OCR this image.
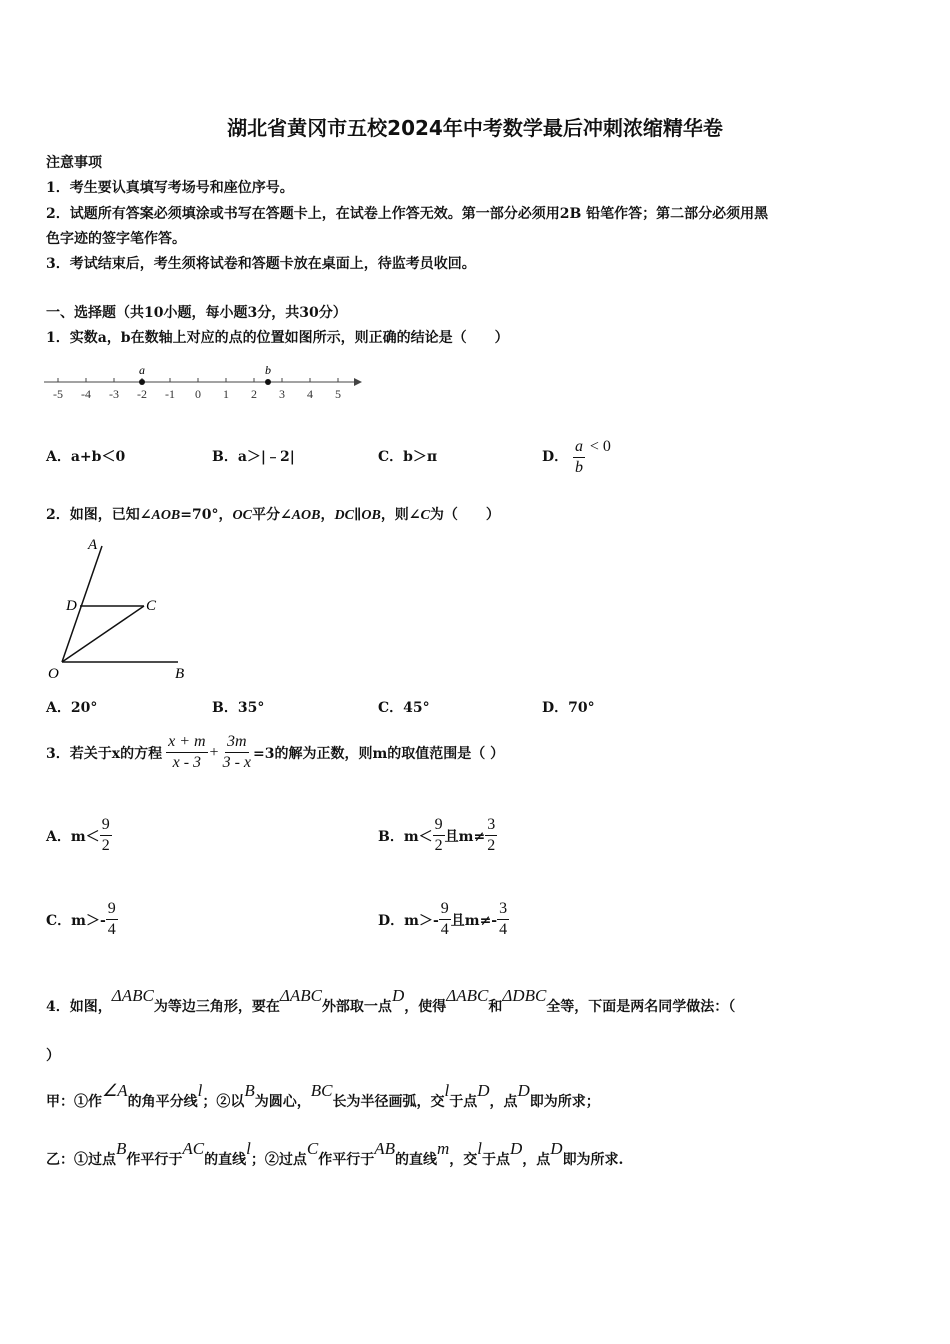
湖北省黄冈市五校2024年中考数学最后冲刺浓缩精华卷
注意事项
1．考生要认真填写考场号和座位序号。
2．试题所有答案必须填涂或书写在答题卡上，在试卷上作答无效。第一部分必须用2B 铅笔作答；第二部分必须用黑
色字迹的签字笔作答。
3．考试结束后，考生须将试卷和答题卡放在桌面上，待监考员收回。
一、选择题（共10小题，每小题3分，共30分）
1．实数a，b在数轴上对应的点的位置如图所示，则正确的结论是（　　）
-5 -4 -3 -2 -1 0 1 2 3 4 5
a	b
A．a+b＜0	B．a＞|﹣2|	C．b＞π	D． $\frac{a}{b} < 0$
2．如图，已知∠AOB=70°，OC平分∠AOB，DC∥OB，则∠C为（　　）
A
D	C
O	B
A．20°	B．35°	C．45°	D．70°
3．若关于x的方程 $\frac{x + m}{x - 3} + \frac{3m}{3 - x} =3$的解为正数，则m的取值范围是（ ）
A．$m< \frac{9}{2}$	B．$m< \frac{9}{2}$ 且$m\ne \frac{3}{2}$
C．$m>- \frac{9}{4}$	D．$m>- \frac{9}{4}$ 且$m\ne- \frac{3}{4}$
4．如图，ΔABC为等边三角形，要在ΔABC外部取一点D，使得ΔABC和ΔDBC全等，下面是两名同学做法：（
）
甲：①作∠A的角平分线l；②以B为圆心，BC长为半径画弧，交l于点D，点D即为所求；
乙：①过点B作平行于AC的直线l；②过点C作平行于AB的直线m，交l于点D，点D即为所求.
